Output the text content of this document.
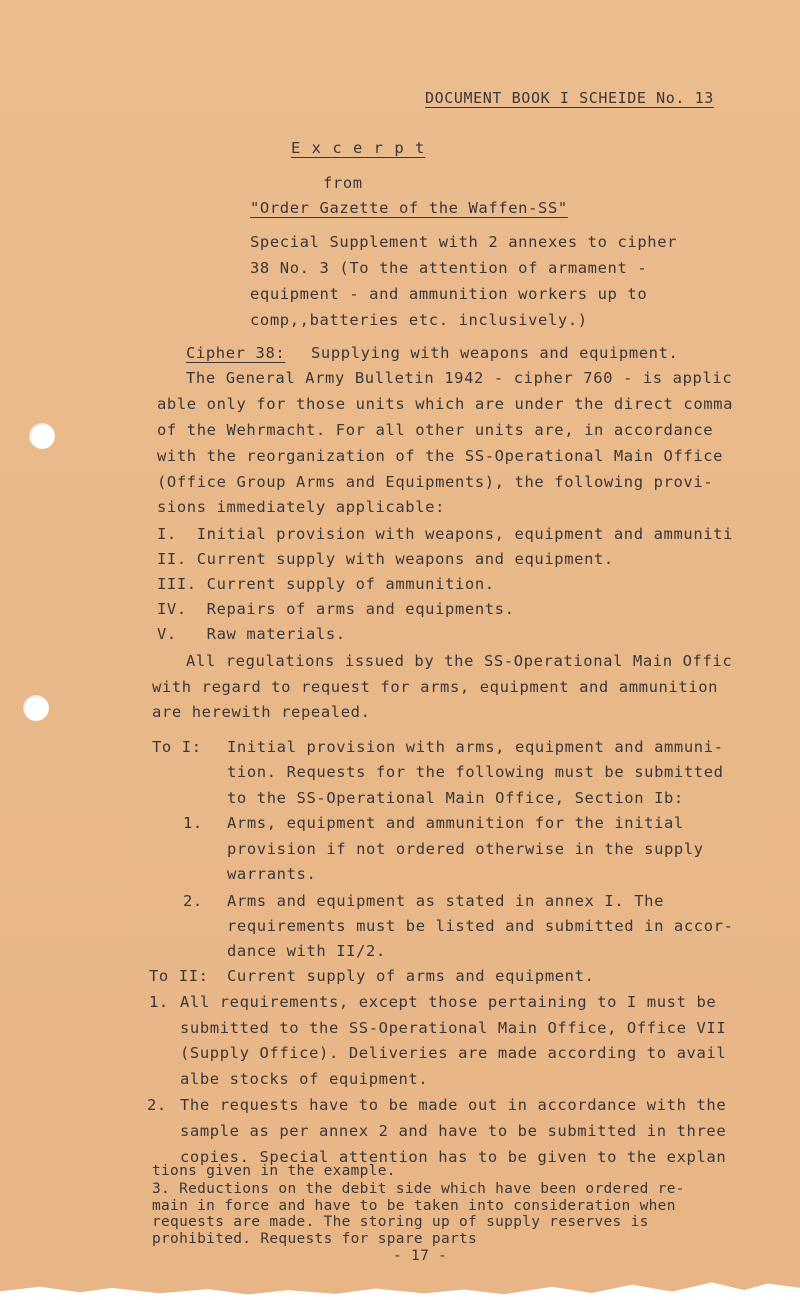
DOCUMENT BOOK I SCHEIDE No. 13
E x c e r p t
from
"Order Gazette of the Waffen-SS"
Special Supplement with 2 annexes to cipher
38 No. 3 (To the attention of armament -
equipment - and ammunition workers up to
comp,,batteries etc. inclusively.)
Cipher 38: Supplying with weapons and equipment.
The General Army Bulletin 1942 - cipher 760 - is applic
able only for those units which are under the direct comma
of the Wehrmacht. For all other units are, in accordance
with the reorganization of the SS-Operational Main Office
(Office Group Arms and Equipments), the following provi-
sions immediately applicable:
I.  Initial provision with weapons, equipment and ammuniti
II. Current supply with weapons and equipment.
III. Current supply of ammunition.
IV.  Repairs of arms and equipments.
V.   Raw materials.
All regulations issued by the SS-Operational Main Offic
with regard to request for arms, equipment and ammunition
are herewith repealed.
To I: Initial provision with arms, equipment and ammuni-
tion. Requests for the following must be submitted
to the SS-Operational Main Office, Section Ib:
1. Arms, equipment and ammunition for the initial
provision if not ordered otherwise in the supply
warrants.
2. Arms and equipment as stated in annex I. The
requirements must be listed and submitted in accor-
dance with II/2.
To II: Current supply of arms and equipment.
1. All requirements, except those pertaining to I must be
submitted to the SS-Operational Main Office, Office VII
(Supply Office). Deliveries are made according to avail
albe stocks of equipment.
2. The requests have to be made out in accordance with the
sample as per annex 2 and have to be submitted in three
copies. Special attention has to be given to the explan
tions given in the example.
3. Reductions on the debit side which have been ordered re-
main in force and have to be taken into consideration when
requests are made. The storing up of supply reserves is
prohibited. Requests for spare parts
- 17 -
